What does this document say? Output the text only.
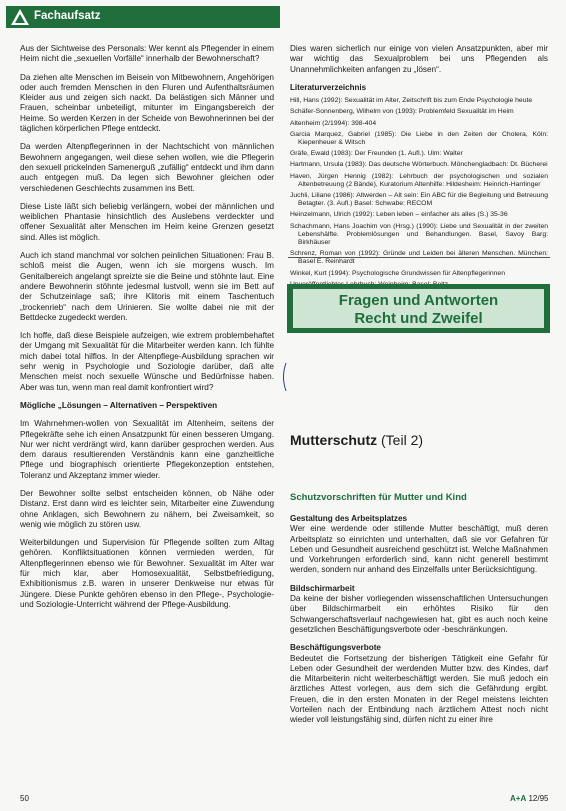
Fachaufsatz

Aus der Sichtweise des Personals: Wer kennt als Pflegender in einem Heim nicht die „sexuellen Vorfälle“ innerhalb der Bewohnerschaft?

Da ziehen alte Menschen im Beisein von Mitbewohnern, Angehörigen oder auch fremden Menschen in den Fluren und Aufenthaltsräumen Kleider aus und zeigen sich nackt. Da belästigen sich Männer und Frauen, scheinbar unbeteiligt, mitunter im Eingangsbereich der Heime. So werden Kerzen in der Scheide von Bewohnerinnen bei der täglichen körperlichen Pflege entdeckt.

Da werden Altenpflegerinnen in der Nachtschicht von männlichen Bewohnern angegangen, weil diese sehen wollen, wie die Pflegerin den sexuell prickelnden Samenerguß „zufällig“ entdeckt und ihm dann auch entgegen muß. Da legen sich Bewohner gleichen oder verschiedenen Geschlechts zusammen ins Bett.

Diese Liste läßt sich beliebig verlängern, wobei der männlichen und weiblichen Phantasie hinsichtlich des Auslebens verdeckter und offener Sexualität alter Menschen im Heim keine Grenzen gesetzt sind. Alles ist möglich.

Auch ich stand manchmal vor solchen peinlichen Situationen: Frau B. schloß meist die Augen, wenn ich sie morgens wusch. Im Genitalbereich angelangt spreizte sie die Beine und stöhnte laut. Eine andere Bewohnerin stöhnte jedesmal lustvoll, wenn sie im Bett auf der Schutzeinlage saß; ihre Klitoris mit einem Taschentuch „trockenrieb“ nach dem Urinieren. Sie wollte dabei nie mit der Bettdecke zugedeckt werden.

Ich hoffe, daß diese Beispiele aufzeigen, wie extrem problembehaftet der Umgang mit Sexualität für die Mitarbeiter werden kann. Ich fühlte mich dabei total hilflos. In der Altenpflege-Ausbildung sprachen wir sehr wenig in Psychologie und Soziologie darüber, daß alte Menschen meist noch sexuelle Wünsche und Bedürfnisse haben. Aber was tun, wenn man real damit konfrontiert wird?

Mögliche „Lösungen – Alternativen – Perspektiven

Im Wahrnehmen-wollen von Sexualität im Altenheim, seitens der Pflegekräfte sehe ich einen Ansatzpunkt für einen besseren Umgang. Nur wer nicht verdrängt wird, kann darüber gesprochen werden. Aus dem daraus resultierenden Verständnis kann eine ganzheitliche Pflege und biographisch orientierte Pflegekonzeption entstehen, Toleranz und Akzeptanz immer wieder.

Der Bewohner sollte selbst entscheiden können, ob Nähe oder Distanz. Erst dann wird es leichter sein, Mitarbeiter eine Zuwendung ohne Anklagen, sich Bewohnern zu nähern, bei Zweisamkeit, so wenig wie möglich zu stören usw.

Weiterbildungen und Supervision für Pflegende sollten zum Alltag gehören. Konfliktsituationen können vermieden werden, für Altenpflegerinnen ebenso wie für Bewohner. Sexualität im Alter war für mich klar, aber Homosexualität, Selbstbefriedigung, Exhibitionismus z.B. waren in unserer Denkweise nur etwas für Jüngere. Diese Punkte gehören ebenso in den Pflege-, Psychologie- und Soziologie-Unterricht während der Pflege-Ausbildung.

Dies waren sicherlich nur einige von vielen Ansatzpunkten, aber mir war wichtig das Sexualproblem bei uns Pflegenden als Unannehmlichkeiten anfangen zu „lösen“.

Literaturverzeichnis
Hill, Hans (1992): Sexualität im Alter, Zeitschrift bis zum Ende Psychologie heute
Schäfer-Sonnenberg, Wilhelm von (1993): Problemfeld Sexualität im Heim
Altenheim (2/1994): 398-404
Garcia Marquez, Gabriel (1985): Die Liebe in den Zeiten der Cholera, Köln: Kiepenheuer & Witsch
Gräfe, Ewald (1983): Der Freunden (1. Aufl.). Ulm: Walter
Hartmann, Ursula (1983): Das deutsche Wörterbuch. Mönchengladbach: Dt. Bücherei
Haven, Jürgen Hennig (1982): Lehrbuch der psychologischen und sozialen Altenbetreuung (2 Bände), Kuratorium Altenhilfe: Hildesheim: Heinrich-Harrlinger
Juchli, Liliane (1986): Altwerden – Alt sein: Ein ABC für die Begleitung und Betreuung Betagter. (3. Aufl.) Basel: Schwabe: RECOM
Heinzelmann, Ulrich (1992): Leben leben – einfacher als alles (S.) 35-36
Schachmann, Hans Joachim von (Hrsg.) (1990): Liebe und Sexualität in der zweiten Lebenshälfte. Problemlösungen und Behandlungen. Basel, Savoy Barg: Birkhäuser
Schrenz, Roman von (1992): Gründe und Leiden bei älteren Menschen. München: Basel E. Reinhardt
Winkel, Kurt (1994): Psychologische Grundwissen für Altenpflegerinnen
Fragen und Antworten
Recht und Zweifel
Mutterschutz (Teil 2)
Schutzvorschriften für Mutter und Kind
Gestaltung des Arbeitsplatzes

Wer eine werdende oder stillende Mutter beschäftigt, muß deren Arbeitsplatz so einrichten und unterhalten, daß sie vor Gefahren für Leben und Gesundheit ausreichend geschützt ist. Welche Maßnahmen und Vorkehrungen erforderlich sind, kann nicht generell bestimmt werden, sondern nur anhand des Einzelfalls unter Berücksichtigung.

Bildschirmarbeit

Da keine der bisher vorliegenden wissenschaftlichen Untersuchungen über Bildschirmarbeit ein erhöhtes Risiko für den Schwangerschaftsverlauf nachgewiesen hat, gibt es auch noch keine gesetzlichen Beschäftigungsverbote oder -beschränkungen.

Beschäftigungsverbote

Bedeutet die Fortsetzung der bisherigen Tätigkeit eine Gefahr für Leben oder Gesundheit der werdenden Mutter bzw. des Kindes, darf die Mitarbeiterin nicht weiterbeschäftigt werden. Sie muß jedoch ein ärztliches Attest vorlegen, aus dem sich die Gefährdung ergibt. Freuen, die in den ersten Monaten in der Regel meistens leichten Vorteilen nach der Entbindung nach ärztlichem Attest noch nicht wieder voll leistungsfähig sind, dürfen nicht zu einer ihre

50	A+A 12/95
